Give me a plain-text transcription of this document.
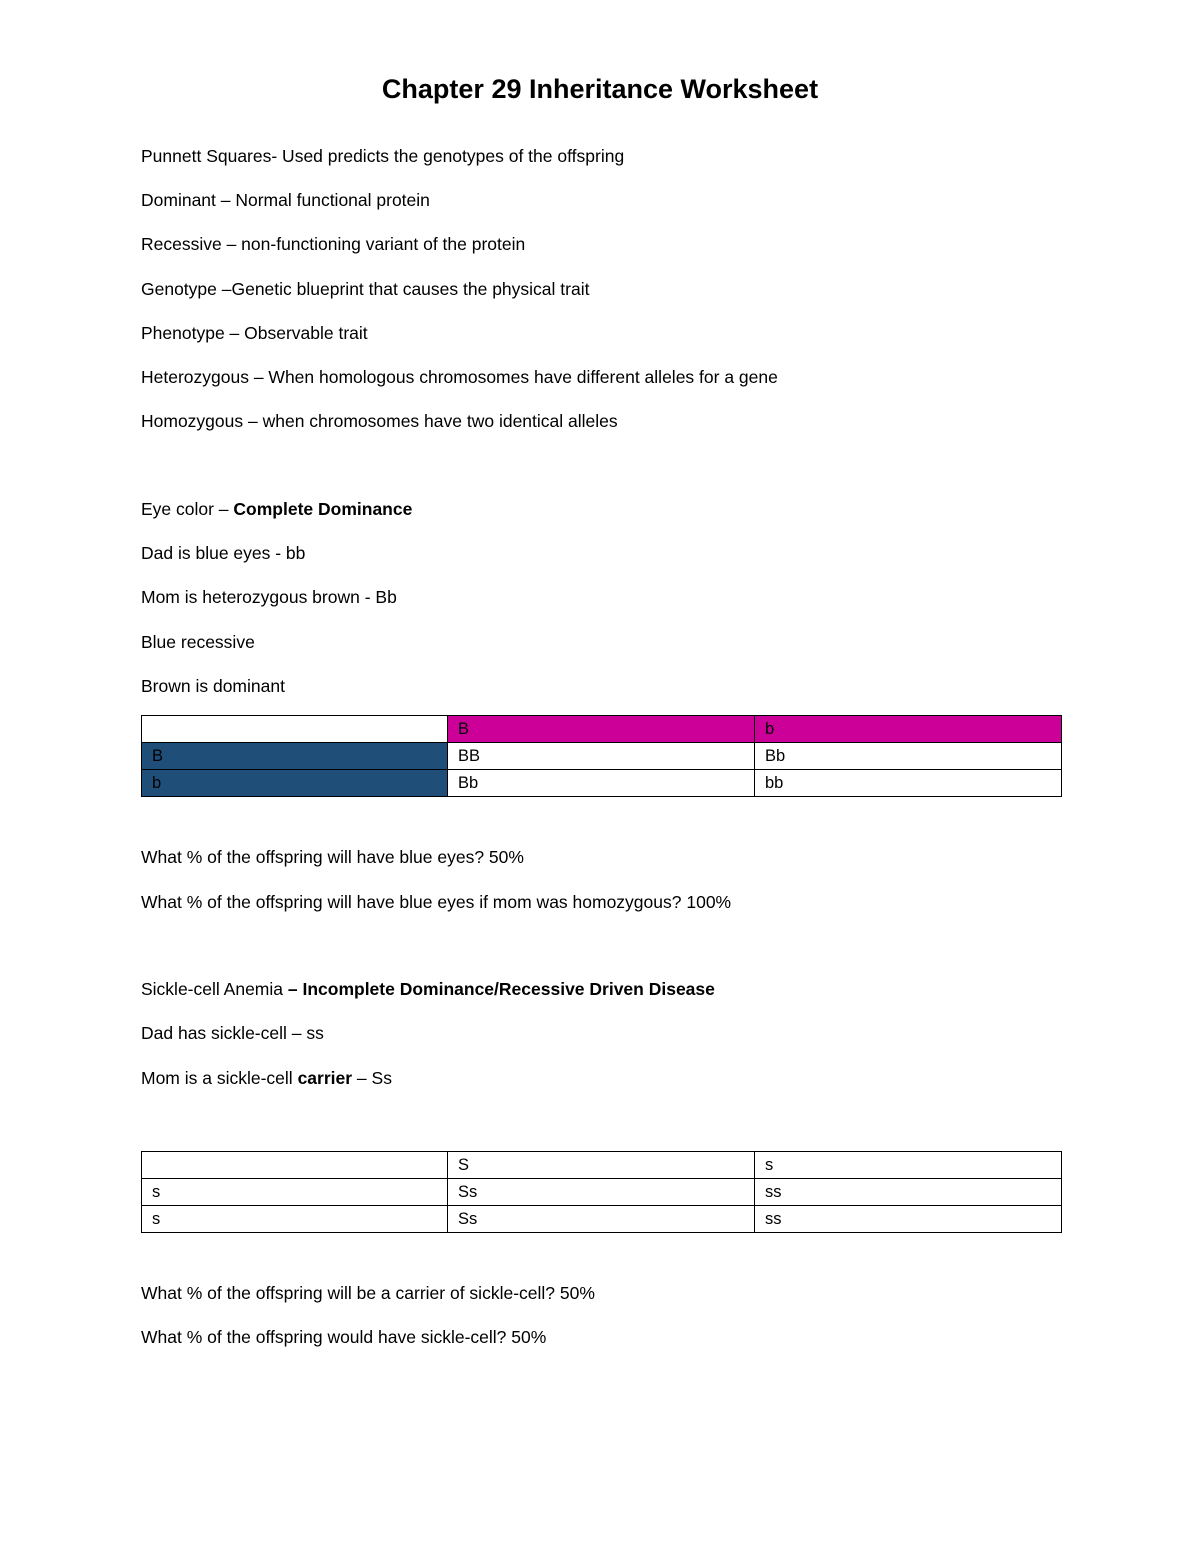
Chapter 29 Inheritance Worksheet
Punnett Squares- Used predicts the genotypes of the offspring
Dominant – Normal functional protein
Recessive – non-functioning variant of the protein
Genotype –Genetic blueprint that causes the physical trait
Phenotype – Observable trait
Heterozygous – When homologous chromosomes have different alleles for a gene
Homozygous – when chromosomes have two identical alleles
Eye color – Complete Dominance
Dad is blue eyes - bb
Mom is heterozygous brown - Bb
Blue recessive
Brown is dominant
	B	b
B	BB	Bb
b	Bb	bb
What % of the offspring will have blue eyes? 50%
What % of the offspring will have blue eyes if mom was homozygous? 100%
Sickle-cell Anemia – Incomplete Dominance/Recessive Driven Disease
Dad has sickle-cell – ss
Mom is a sickle-cell carrier – Ss
	S	s
s	Ss	ss
s	Ss	ss
What % of the offspring will be a carrier of sickle-cell? 50%
What % of the offspring would have sickle-cell? 50%
